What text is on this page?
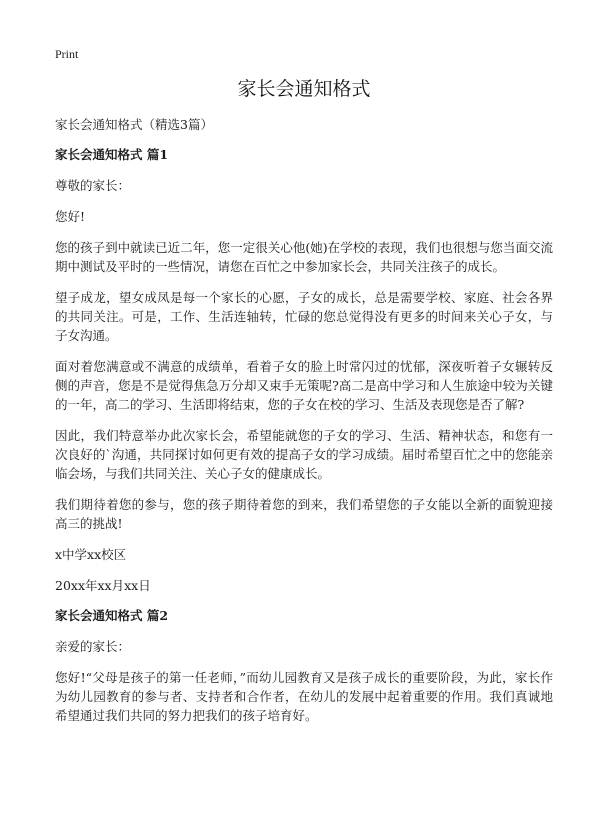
Print
家长会通知格式

家长会通知格式（精选3篇）

家长会通知格式 篇1

尊敬的家长：

您好!

您的孩子到中就读已近二年，您一定很关心他(她)在学校的表现，我们也很想与您当面交流期中测试及平时的一些情况，请您在百忙之中参加家长会，共同关注孩子的成长。

望子成龙，望女成凤是每一个家长的心愿，子女的成长，总是需要学校、家庭、社会各界的共同关注。可是，工作、生活连轴转，忙碌的您总觉得没有更多的时间来关心子女，与子女沟通。

面对着您满意或不满意的成绩单，看着子女的脸上时常闪过的忧郁，深夜听着子女辗转反侧的声音，您是不是觉得焦急万分却又束手无策呢?高二是高中学习和人生旅途中较为关键的一年，高二的学习、生活即将结束，您的子女在校的学习、生活及表现您是否了解?

因此，我们特意举办此次家长会，希望能就您的子女的学习、生活、精神状态，和您有一次良好的`沟通，共同探讨如何更有效的提高子女的学习成绩。届时希望百忙之中的您能亲临会场，与我们共同关注、关心子女的健康成长。

我们期待着您的参与，您的孩子期待着您的到来，我们希望您的子女能以全新的面貌迎接高三的挑战!

x中学xx校区

20xx年xx月xx日

家长会通知格式 篇2

亲爱的家长：

您好!“父母是孩子的第一任老师，”而幼儿园教育又是孩子成长的重要阶段，为此，家长作为幼儿园教育的参与者、支持者和合作者，在幼儿的发展中起着重要的作用。我们真诚地希望通过我们共同的努力把我们的孩子培育好。
